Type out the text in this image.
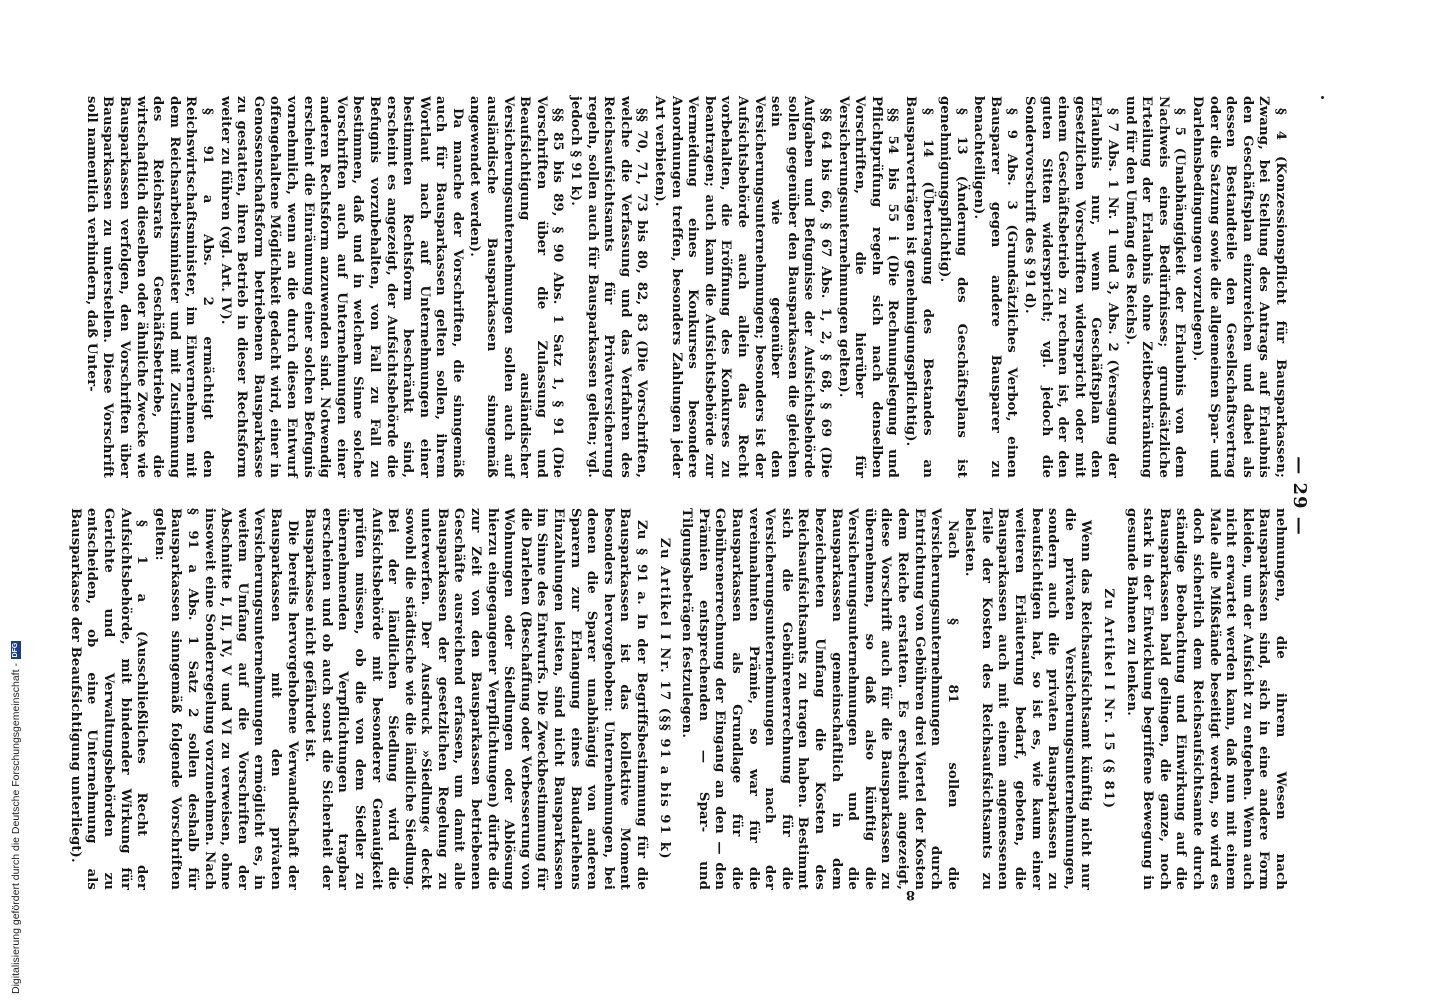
— 29 —

§ 4 (Konzessionspflicht für Bausparkassen; Zwang, bei Stellung des Antrags auf Erlaubnis den Geschäftsplan einzureichen und dabei als dessen Bestandteile den Gesellschaftsvertrag oder die Satzung sowie die allgemeinen Spar- und Darlehnsbedingungen vorzulegen).

§ 5 (Unabhängigkeit der Erlaubnis von dem Nachweis eines Bedürfnisses; grundsätzliche Erteilung der Erlaubnis ohne Zeitbeschränkung und für den Umfang des Reichs).

§ 7 Abs. 1 Nr. 1 und 3, Abs. 2 (Versagung der Erlaubnis nur, wenn Geschäftsplan den gesetzlichen Vorschriften widerspricht oder mit einem Geschäftsbetrieb zu rechnen ist, der den guten Sitten widerspricht; vgl. jedoch die Sondervorschrift des § 91 d).

§ 9 Abs. 3 (Grundsätzliches Verbot, einen Bausparer gegen andere Bausparer zu benachteiligen).

§ 13 (Änderung des Geschäftsplans ist genehmigungspflichtig).

§ 14 (Übertragung des Bestandes an Bausparverträgen ist genehmigungspflichtig).

§§ 54 bis 55 i (Die Rechnungslegung und Pflichtprüfung regeln sich nach denselben Vorschriften, die hierüber für Versicherungsunternehmungen gelten).

§§ 64 bis 66, § 67 Abs. 1, 2, § 68, § 69 (Die Aufgaben und Befugnisse der Aufsichtsbehörde sollen gegenüber den Bausparkassen die gleichen sein wie gegenüber den Versicherungsunternehmungen; besonders ist der Aufsichtsbehörde auch allein das Recht vorbehalten, die Eröffnung des Konkurses zu beantragen; auch kann die Aufsichtsbehörde zur Vermeidung eines Konkurses besondere Anordnungen treffen, besonders Zahlungen jeder Art verbieten).

§§ 70, 71, 73 bis 80, 82, 83 (Die Vorschriften, welche die Verfassung und das Verfahren des Reichsaufsichtsamts für Privatversicherung regeln, sollen auch für Bausparkassen gelten; vgl. jedoch § 91 k).

§§ 85 bis 89, § 90 Abs. 1 Satz 1, § 91 (Die Vorschriften über die Zulassung und Beaufsichtigung ausländischer Versicherungsunternehmungen sollen auch auf ausländische Bausparkassen sinngemäß angewendet werden).

Da manche der Vorschriften, die sinngemäß auch für Bausparkassen gelten sollen, ihrem Wortlaut nach auf Unternehmungen einer bestimmten Rechtsform beschränkt sind, erscheint es angezeigt, der Aufsichtsbehörde die Befugnis vorzubehalten, von Fall zu Fall zu bestimmen, daß und in welchem Sinne solche Vorschriften auch auf Unternehmungen einer anderen Rechtsform anzuwenden sind. Notwendig erscheint die Einräumung einer solchen Befugnis vornehmlich, wenn an die durch diesen Entwurf offengehaltene Möglichkeit gedacht wird, einer in Genossenschaftsform betriebenen Bausparkasse zu gestatten, ihren Betrieb in dieser Rechtsform weiter zu führen (vgl. Art. IV).

§ 91 a Abs. 2 ermächtigt den Reichswirtschaftsminister, im Einvernehmen mit dem Reichsarbeitsminister und mit Zustimmung des Reichsrats Geschäftsbetriebe, die wirtschaftlich dieselben oder ähnliche Zwecke wie Bausparkassen verfolgen, den Vorschriften über Bausparkassen zu unterstellen. Diese Vorschrift soll namentlich verhindern, daß Unter-

nehmungen, die ihrem Wesen nach Bausparkassen sind, sich in eine andere Form kleiden, um der Aufsicht zu entgehen. Wenn auch nicht erwartet werden kann, daß nun mit einem Male alle Mißstände beseitigt werden, so wird es doch sicherlich dem Reichsaufsichtsamte durch ständige Beobachtung und Einwirkung auf die Bausparkassen bald gelingen, die ganze, noch stark in der Entwicklung begriffene Bewegung in gesunde Bahnen zu lenken.

Zu Artikel I Nr. 15 (§ 81)

Wenn das Reichsaufsichtsamt künftig nicht nur die privaten Versicherungsunternehmungen, sondern auch die privaten Bausparkassen zu beaufsichtigen hat, so ist es, wie kaum einer weiteren Erläuterung bedarf, geboten, die Bausparkassen auch mit einem angemessenen Teile der Kosten des Reichsaufsichtsamts zu belasten.

Nach § 81 sollen die Versicherungsunternehmungen durch Entrichtung von Gebühren drei Viertel der Kosten dem Reiche erstatten. Es erscheint angezeigt, diese Vorschrift auch für die Bausparkassen zu übernehmen, so daß also künftig die Versicherungsunternehmungen und die Bausparkassen gemeinschaftlich in dem bezeichneten Umfang die Kosten des Reichsaufsichtsamts zu tragen haben. Bestimmt sich die Gebührenerrechnung für die Versicherungsunternehmungen nach der vereinnahmten Prämie, so war für die Bausparkassen als Grundlage für die Gebührenerrechnung der Eingang an den — den Prämien entsprechenden — Spar- und Tilgungsbeträgen festzulegen.

Zu Artikel I Nr. 17 (§§ 91 a bis 91 k)

Zu § 91 a. In der Begriffsbestimmung für die Bausparkassen ist das kollektive Moment besonders hervorgehoben: Unternehmungen, bei denen die Sparer unabhängig von anderen Sparern zur Erlangung eines Baudarlehens Einzahlungen leisten, sind nicht Bausparkassen im Sinne des Entwurfs. Die Zweckbestimmung für die Darlehen (Beschaffung oder Verbesserung von Wohnungen oder Siedlungen oder Ablösung hierzu eingegangener Verpflichtungen) dürfte die zur Zeit von den Bausparkassen betriebenen Geschäfte ausreichend erfassen, um damit alle Bausparkassen der gesetzlichen Regelung zu unterwerfen. Der Ausdruck »Siedlung« deckt sowohl die städtische wie die ländliche Siedlung. Bei der ländlichen Siedlung wird die Aufsichtsbehörde mit besonderer Genauigkeit prüfen müssen, ob die von dem Siedler zu übernehmenden Verpflichtungen tragbar erscheinen und ob auch sonst die Sicherheit der Bausparkasse nicht gefährdet ist.

Die bereits hervorgehobene Verwandtschaft der Bausparkassen mit den privaten Versicherungsunternehmungen ermöglicht es, in weitem Umfang auf die Vorschriften der Abschnitte I, II, IV, V und VI zu verweisen, ohne insoweit eine Sonderregelung vorzunehmen. Nach § 91 a Abs. 1 Satz 2 sollen deshalb für Bausparkassen sinngemäß folgende Vorschriften gelten:

§ 1 a (Ausschließliches Recht der Aufsichtsbehörde, mit bindender Wirkung für Gerichte und Verwaltungsbehörden zu entscheiden, ob eine Unternehmung als Bausparkasse der Beaufsichtigung unterliegt).

8
Digitalisierung gefördert durch die Deutsche Forschungsgemeinschaft -
DFG
